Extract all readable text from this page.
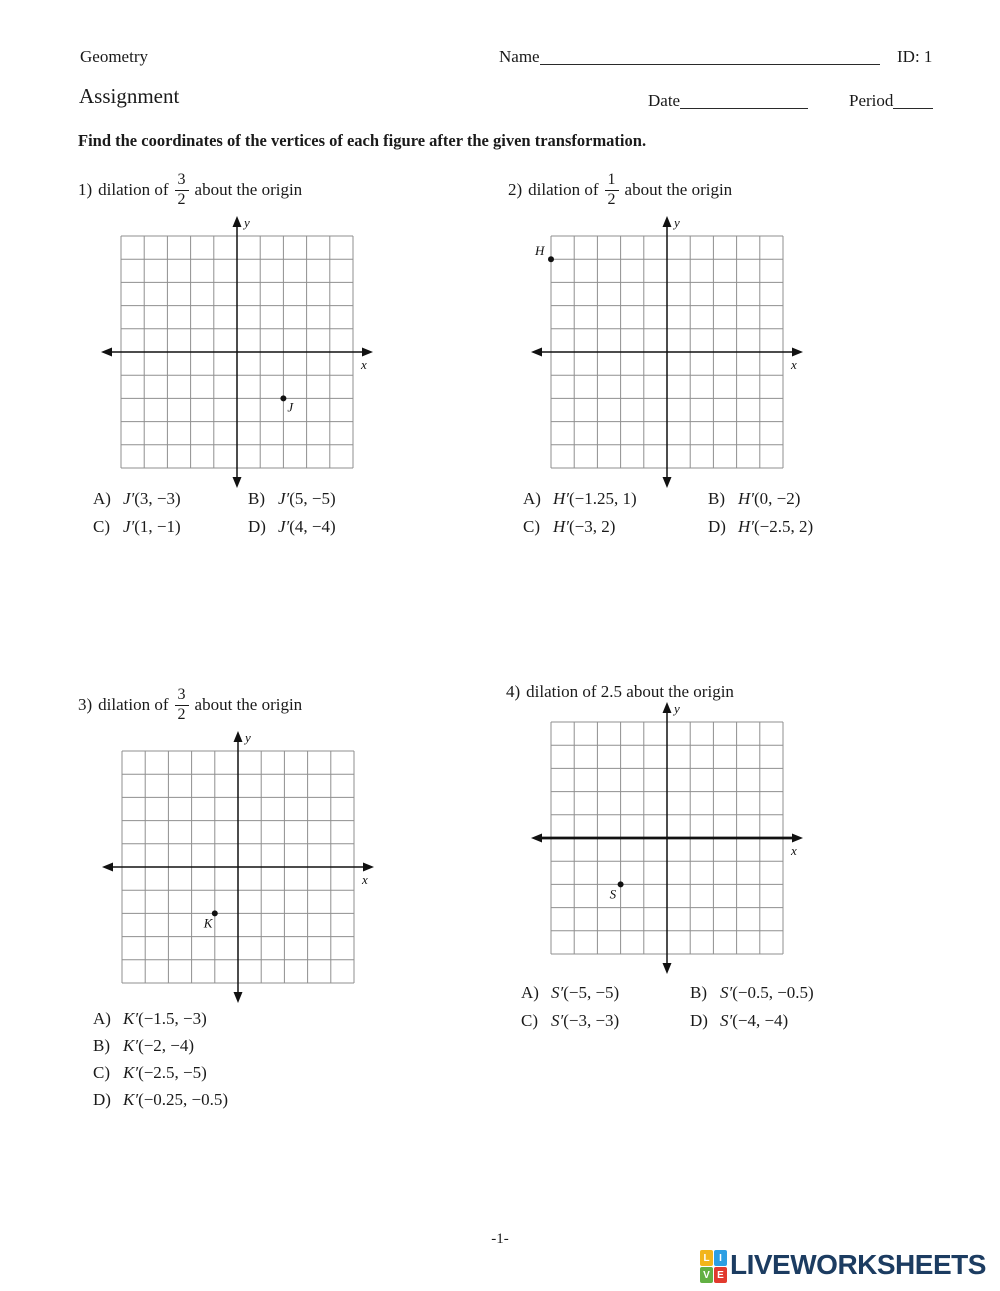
Geometry	Name	ID: 1
Assignment	Date	Period
Find the coordinates of the vertices of each figure after the given transformation.
1) dilation of $\frac{3}{2}$ about the origin
x
y
J
A) J′ (3, −3)	B) J′ (5, −5)
C) J′ (1, −1)	D) J′ (4, −4)
2) dilation of $\frac{1}{2}$ about the origin
x
y
H
A) H′ (−1.25, 1)	B) H′ (0, −2)
C) H′ (−3, 2)	D) H′ (−2.5, 2)
3) dilation of $\frac{3}{2}$ about the origin
x
y
K
A) K′ (−1.5, −3)
B) K′ (−2, −4)
C) K′ (−2.5, −5)
D) K′ (−0.25, −0.5)
4) dilation of 2.5 about the origin
x
y
S
A) S′ (−5, −5)	B) S′ (−0.5, −0.5)
C) S′ (−3, −3)	D) S′ (−4, −4)
-1-
L I
V E LIVEWORKSHEETS
